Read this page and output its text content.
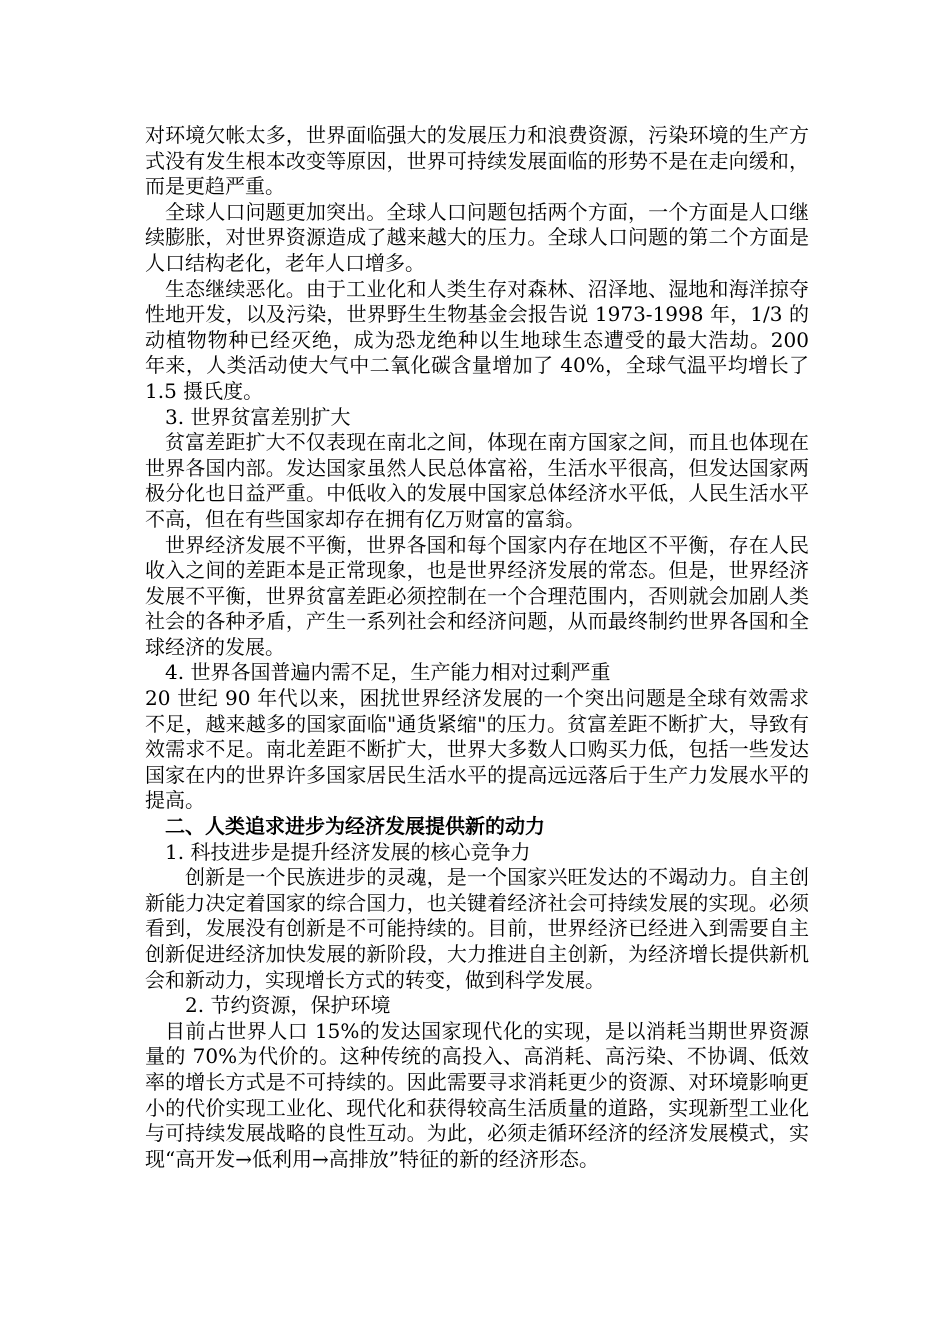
对环境欠帐太多，世界面临强大的发展压力和浪费资源，污染环境的生产方式没有发生根本改变等原因，世界可持续发展面临的形势不是在走向缓和，而是更趋严重。

全球人口问题更加突出。全球人口问题包括两个方面，一个方面是人口继续膨胀，对世界资源造成了越来越大的压力。全球人口问题的第二个方面是人口结构老化，老年人口增多。

生态继续恶化。由于工业化和人类生存对森林、沼泽地、湿地和海洋掠夺性地开发，以及污染，世界野生生物基金会报告说 1973-1998 年，1/3 的动植物物种已经灭绝，成为恐龙绝种以生地球生态遭受的最大浩劫。200 年来，人类活动使大气中二氧化碳含量增加了 40%，全球气温平均增长了 1.5 摄氏度。

3. 世界贫富差别扩大

贫富差距扩大不仅表现在南北之间，体现在南方国家之间，而且也体现在世界各国内部。发达国家虽然人民总体富裕，生活水平很高，但发达国家两极分化也日益严重。中低收入的发展中国家总体经济水平低，人民生活水平不高，但在有些国家却存在拥有亿万财富的富翁。

世界经济发展不平衡，世界各国和每个国家内存在地区不平衡，存在人民收入之间的差距本是正常现象，也是世界经济发展的常态。但是，世界经济发展不平衡，世界贫富差距必须控制在一个合理范围内，否则就会加剧人类社会的各种矛盾，产生一系列社会和经济问题，从而最终制约世界各国和全球经济的发展。

4. 世界各国普遍内需不足，生产能力相对过剩严重

20 世纪 90 年代以来，困扰世界经济发展的一个突出问题是全球有效需求不足，越来越多的国家面临"通货紧缩"的压力。贫富差距不断扩大，导致有效需求不足。南北差距不断扩大，世界大多数人口购买力低，包括一些发达国家在内的世界许多国家居民生活水平的提高远远落后于生产力发展水平的提高。

二、人类追求进步为经济发展提供新的动力

1. 科技进步是提升经济发展的核心竞争力

创新是一个民族进步的灵魂，是一个国家兴旺发达的不竭动力。自主创新能力决定着国家的综合国力，也关键着经济社会可持续发展的实现。必须看到，发展没有创新是不可能持续的。目前，世界经济已经进入到需要自主创新促进经济加快发展的新阶段，大力推进自主创新，为经济增长提供新机会和新动力，实现增长方式的转变，做到科学发展。

2. 节约资源，保护环境

目前占世界人口 15%的发达国家现代化的实现，是以消耗当期世界资源量的 70%为代价的。这种传统的高投入、高消耗、高污染、不协调、低效率的增长方式是不可持续的。因此需要寻求消耗更少的资源、对环境影响更小的代价实现工业化、现代化和获得较高生活质量的道路，实现新型工业化与可持续发展战略的良性互动。为此，必须走循环经济的经济发展模式，实现“高开发→低利用→高排放”特征的新的经济形态。
